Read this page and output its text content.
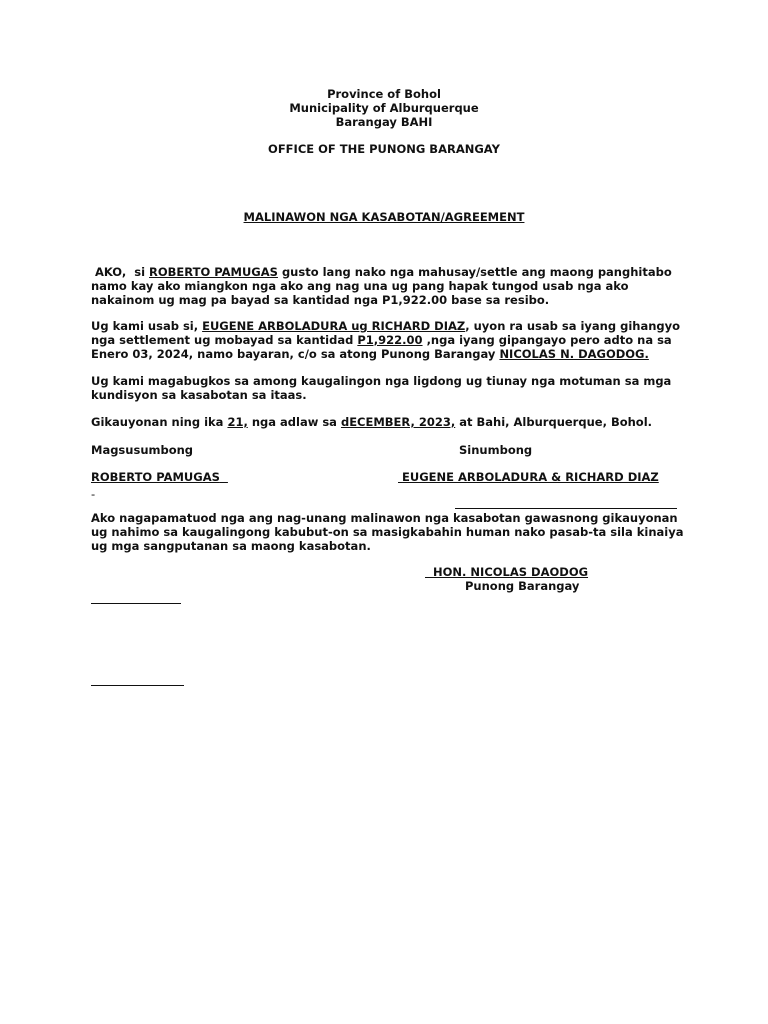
Province of Bohol
Municipality of Alburquerque
Barangay BAHI
OFFICE OF THE PUNONG BARANGAY
MALINAWON NGA KASABOTAN/AGREEMENT
AKO, si ROBERTO PAMUGAS gusto lang nako nga mahusay/settle ang maong panghitabo namo kay ako miangkon nga ako ang nag una ug pang hapak tungod usab nga ako nakainom ug mag pa bayad sa kantidad nga P1,922.00 base sa resibo.
Ug kami usab si, EUGENE ARBOLADURA ug RICHARD DIAZ, uyon ra usab sa iyang gihangyo nga settlement ug mobayad sa kantidad P1,922.00 ,nga iyang gipangayo pero adto na sa Enero 03, 2024, namo bayaran, c/o sa atong Punong Barangay NICOLAS N. DAGODOG.
Ug kami magabugkos sa among kaugalingon nga ligdong ug tiunay nga motuman sa mga kundisyon sa kasabotan sa itaas.
Gikauyonan ning ika 21, nga adlaw sa dECEMBER, 2023, at Bahi, Alburquerque, Bohol.
Magsusumbong	Sinumbong
ROBERTO PAMUGAS	EUGENE ARBOLADURA & RICHARD DIAZ
-
Ako nagapamatuod nga ang nag-unang malinawon nga kasabotan gawasnong gikauyonan ug nahimo sa kaugalingong kabubut-on sa masigkabahin human nako pasab-ta sila kinaiya ug mga sangputanan sa maong kasabotan.
HON. NICOLAS DAODOG
Punong Barangay
